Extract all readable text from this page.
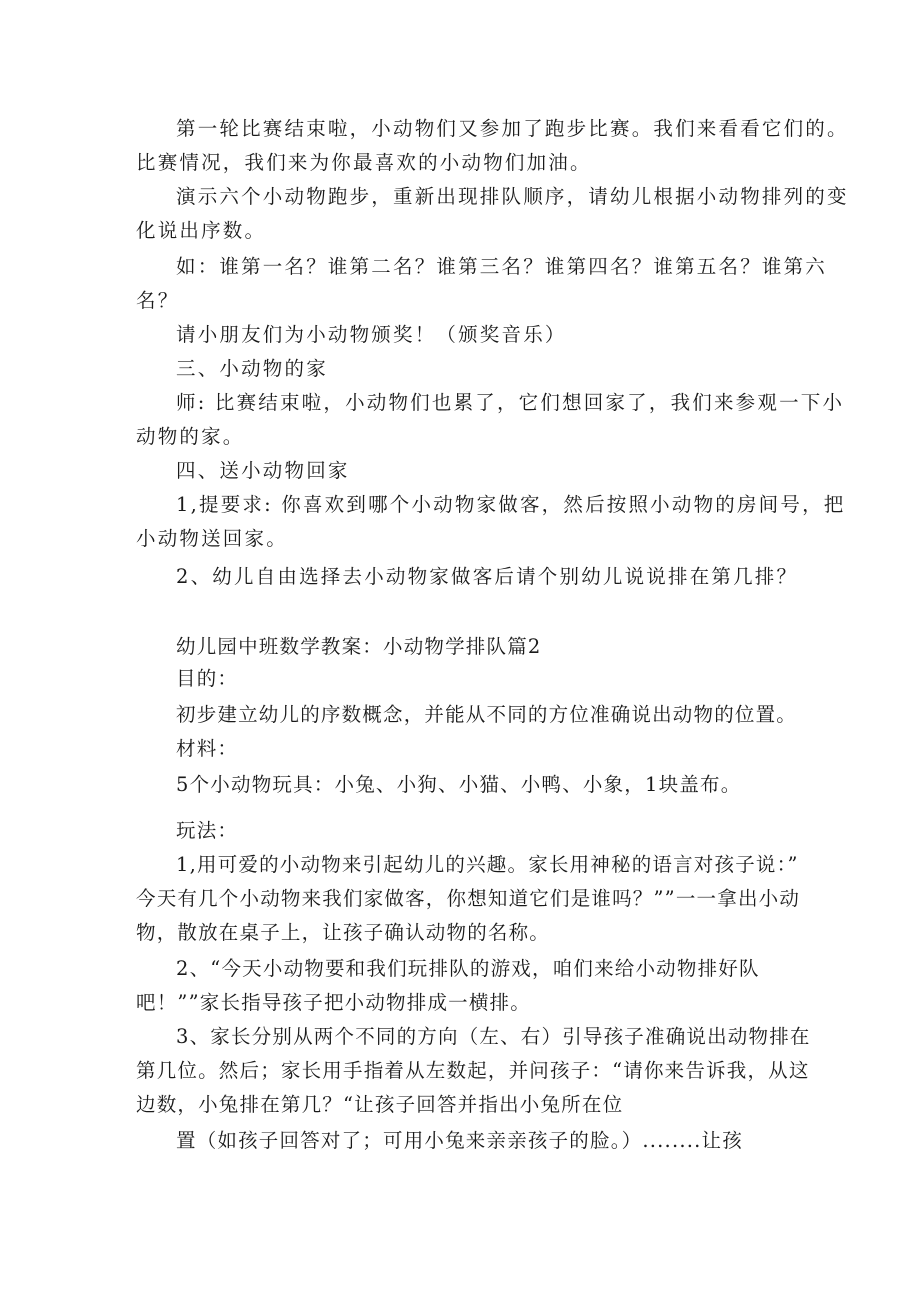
第一轮比赛结束啦，小动物们又参加了跑步比赛。我们来看看它们的。

比赛情况，我们来为你最喜欢的小动物们加油。

演示六个小动物跑步，重新出现排队顺序，请幼儿根据小动物排列的变

化说出序数。

如：谁第一名？谁第二名？谁第三名？谁第四名？谁第五名？谁第六

名？

请小朋友们为小动物颁奖！（颁奖音乐）

三、小动物的家

师: 比赛结束啦，小动物们也累了，它们想回家了，我们来参观一下小

动物的家。

四、送小动物回家

1,提要求: 你喜欢到哪个小动物家做客，然后按照小动物的房间号，把

小动物送回家。

2、幼儿自由选择去小动物家做客后请个别幼儿说说排在第几排？

幼儿园中班数学教案：小动物学排队篇2

目的：

初步建立幼儿的序数概念，并能从不同的方位准确说出动物的位置。

材料：

5个小动物玩具：小兔、小狗、小猫、小鸭、小象，1块盖布。

玩法：

1,用可爱的小动物来引起幼儿的兴趣。家长用神秘的语言对孩子说：”

今天有几个小动物来我们家做客，你想知道它们是谁吗？””一一拿出小动

物，散放在桌子上，让孩子确认动物的名称。

2、“今天小动物要和我们玩排队的游戏，咱们来给小动物排好队

吧！””家长指导孩子把小动物排成一横排。

3、家长分别从两个不同的方向（左、右）引导孩子准确说出动物排在

第几位。然后；家长用手指着从左数起，并问孩子：“请你来告诉我，从这

边数，小兔排在第几？“让孩子回答并指出小兔所在位

置（如孩子回答对了；可用小兔来亲亲孩子的脸。）........让孩
